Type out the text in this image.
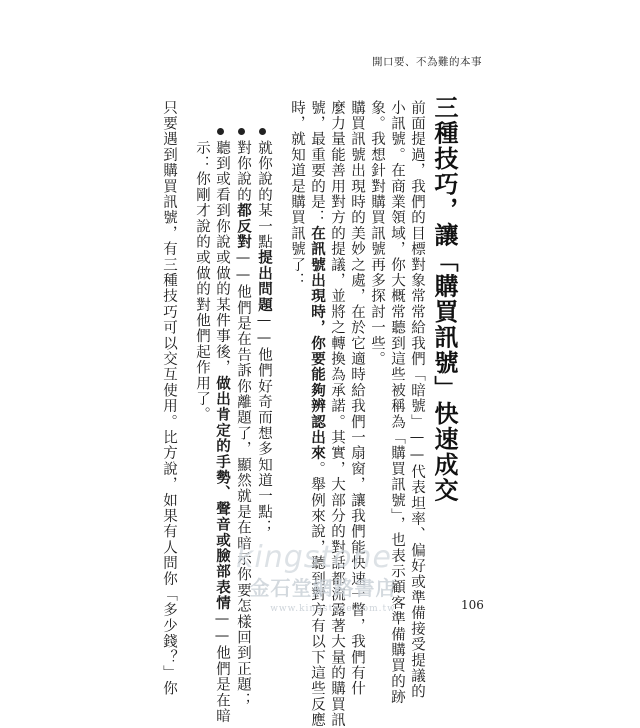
開口要、不為難的本事
三種技巧，讓「購買訊號」快速成交
前面提過，我們的目標對象常常給我們「暗號」——代表坦率、偏好或準備接受提議的
小訊號。在商業領域，你大概常聽到這些被稱為「購買訊號」，也表示顧客準備購買的跡
象。我想針對購買訊號再多探討一些。
購買訊號出現時的美妙之處，在於它適時給我們一扇窗，讓我們能快速一瞥，我們有什
麼力量能善用對方的提議，並將之轉換為承諾。其實，大部分的對話都流露著大量的購買訊
號，最重要的是：在訊號出現時，你要能夠辨認出來。舉例來說，聽到對方有以下這些反應
時，就知道是購買訊號了：
就你說的某一點提出問題——他們好奇而想多知道一點；
對你說的都反對——他們是在告訴你離題了，顯然就是在暗示你要怎樣回到正題；
聽到或看到你說或做的某件事後，做出肯定的手勢、聲音或臉部表情——他們是在暗
示：你剛才說的或做的對他們起作用了。
只要遇到購買訊號，有三種技巧可以交互使用。比方說，如果有人問你「多少錢？」你 kingstone
金石堂網路書店
www.kingstone.com.tw	106
